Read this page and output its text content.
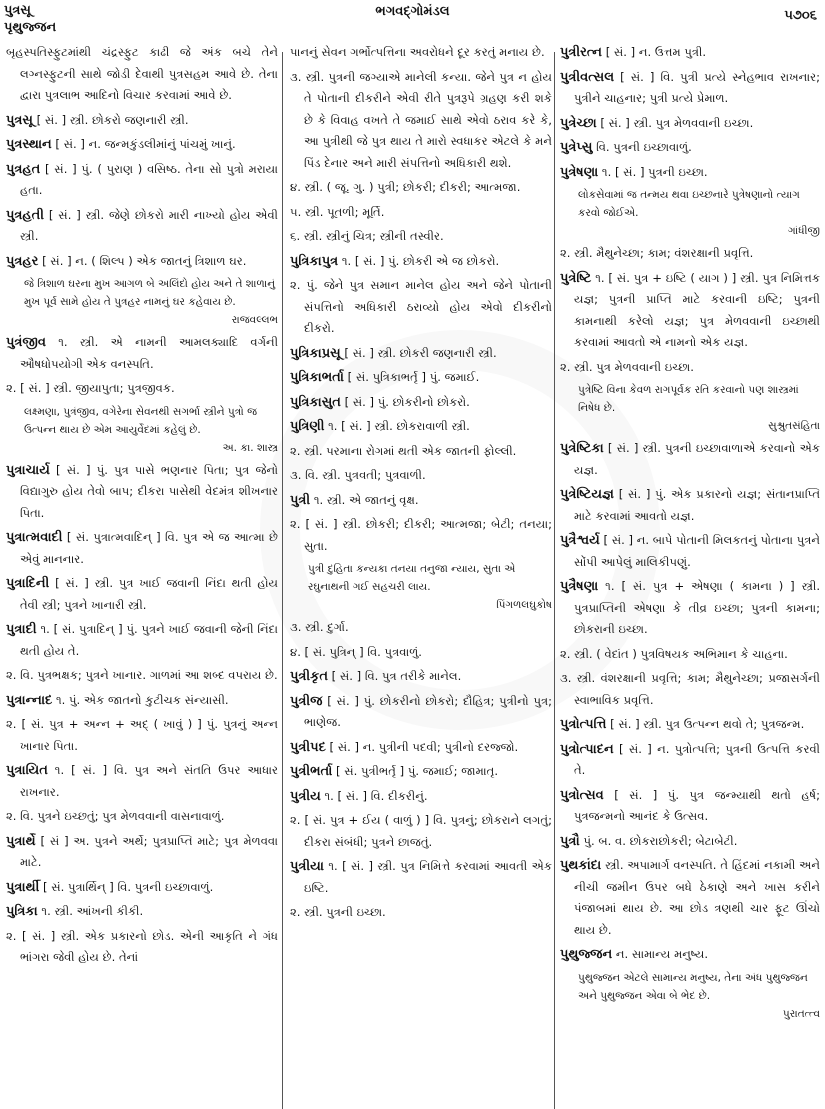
પુત્રસૂ
પૃથુજ્જન
ભગવદ્ગોમંડલ	૫૭૦૬
બૃહસ્પતિસ્ફુટમાંથી ચંદ્રસ્ફુટ કાઢી જે અંક બચે તેને લગ્નસ્ફુટની સાથે જોડી દેવાથી પુત્રસહમ આવે છે. તેના દ્વારા પુત્રલાભ આદિનો વિચાર કરવામાં આવે છે.
પુત્રસૂ [ સં. ] સ્ત્રી. છોકરો જણનારી સ્ત્રી.
પુત્રસ્થાન [ સં. ] ન. જન્મકુંડલીમાંનું પાંચમું ખાનું.
પુત્રહત [ સં. ] પું. ( પુરાણ ) વસિષ્ઠ. તેના સો પુત્રો મરાયા હતા.
પુત્રહતી [ સં. ] સ્ત્રી. જેણે છોકરો મારી નાખ્યો હોય એવી સ્ત્રી.
પુત્રહર [ સં. ] ન. ( શિલ્પ ) એક જાતનું ત્રિશાળ ઘર.
જે ત્રિશાળ ઘરના મુખ આગળ બે અલિંદો હોય અને તે શાળાનું મુખ પૂર્વ સામે હોય તે પુત્રહર નામનું ઘર કહેવાય છે.
રાજવલ્લભ
પુત્રંજીવ ૧. સ્ત્રી. એ નામની આમલક્યાદિ વર્ગની ઔષધોપયોગી એક વનસ્પતિ.
૨. [ સં. ] સ્ત્રી. જીયાપુતા; પુત્રજીવક.
લક્ષ્મણા, પુત્રંજીવ, વગેરેના સેવનથી સગર્ભા સ્ત્રીને પુત્રો જ ઉત્પન્ન થાય છે એમ આયુર્વેદમાં કહેલું છે.
અ. કા. શાસ્ત્ર
પુત્રાચાર્ય [ સં. ] પું. પુત્ર પાસે ભણનાર પિતા; પુત્ર જેનો વિદ્યાગુરુ હોય તેવો બાપ; દીકરા પાસેથી વેદમંત્ર શીખનાર પિતા.
પુત્રાત્મવાદી [ સં. પુત્રાત્મવાદિન્ ] વિ. પુત્ર એ જ આત્મા છે એવું માનનાર.
પુત્રાદિની [ સં. ] સ્ત્રી. પુત્ર ખાઈ જવાની નિંદા થતી હોય તેવી સ્ત્રી; પુત્રને ખાનારી સ્ત્રી.
પુત્રાદી ૧. [ સં. પુત્રાદિન્ ] પું. પુત્રને ખાઈ જવાની જેની નિંદા થતી હોય તે.
૨. વિ. પુત્રભક્ષક; પુત્રને ખાનાર. ગાળમાં આ શબ્દ વપરાય છે.
પુત્રાન્નાદ ૧. પું. એક જાતનો કુટીચક સંન્યાસી.
૨. [ સં. પુત્ર + અન્ન + અદ્ ( ખાવું ) ] પું. પુત્રનું અન્ન ખાનાર પિતા.
પુત્રાયિત ૧. [ સં. ] વિ. પુત્ર અને સંતતિ ઉપર આધાર રાખનાર.
૨. વિ. પુત્રને ઇચ્છતું; પુત્ર મેળવવાની વાસનાવાળું.
પુત્રાર્થે [ સં ] અ. પુત્રને અર્થે; પુત્રપ્રાપ્તિ માટે; પુત્ર મેળવવા માટે.
પુત્રાર્થી [ સં. પુત્રાર્થિન્ ] વિ. પુત્રની ઇચ્છાવાળું.
પુત્રિકા ૧. સ્ત્રી. આંખની કીકી.
૨. [ સં. ] સ્ત્રી. એક પ્રકારનો છોડ. એની આકૃતિ ને ગંધ ભાંગરા જેવી હોય છે. તેનાં
પાનનું સેવન ગર્ભોત્પત્તિના અવરોધને દૂર કરતું મનાય છે.
૩. સ્ત્રી. પુત્રની જગ્યાએ માનેલી કન્યા. જેને પુત્ર ન હોય તે પોતાની દીકરીને એવી રીતે પુત્રરૂપે ગ્રહણ કરી શકે છે કે વિવાહ વખતે તે જમાઈ સાથે એવો ઠરાવ કરે કે, આ પુત્રીથી જે પુત્ર થાય તે મારો સ્વધાકર એટલે કે મને પિંડ દેનાર અને મારી સંપત્તિનો અધિકારી થશે.
૪. સ્ત્રી. ( જૂ. ગુ. ) પુત્રી; છોકરી; દીકરી; આત્મજા.
૫. સ્ત્રી. પૂતળી; મૂર્તિ.
૬. સ્ત્રી. સ્ત્રીનું ચિત્ર; સ્ત્રીની તસ્વીર.
પુત્રિકાપુત્ર ૧. [ સં. ] પું. છોકરી એ જ છોકરો.
૨. પું. જેને પુત્ર સમાન માનેલ હોય અને જેને પોતાની સંપત્તિનો અધિકારી ઠરાવ્યો હોય એવો દીકરીનો દીકરો.
પુત્રિકાપ્રસૂ [ સં. ] સ્ત્રી. છોકરી જણનારી સ્ત્રી.
પુત્રિકાભર્તા [ સં. પુત્રિકાભર્તૃ ] પું. જમાઈ.
પુત્રિકાસુત [ સં. ] પું. છોકરીનો છોકરો.
પુત્રિણી ૧. [ સં. ] સ્ત્રી. છોકરાવાળી સ્ત્રી.
૨. સ્ત્રી. પરમાના રોગમાં થતી એક જાતની ફોલ્લી.
૩. વિ. સ્ત્રી. પુત્રવતી; પુત્રવાળી.
પુત્રી ૧. સ્ત્રી. એ જાતનું વૃક્ષ.
૨. [ સં. ] સ્ત્રી. છોકરી; દીકરી; આત્મજા; બેટી; તનયા; સુતા.
પુત્રી દુહિતા કન્યકા તનયા તનુજા ન્યાય, સુતા એ રઘુનાથની ગઈ સહચરી લાય.
પિંગળલઘુકોષ
૩. સ્ત્રી. દુર્ગા.
૪. [ સં. પુત્રિન્ ] વિ. પુત્રવાળું.
પુત્રીકૃત [ સં. ] વિ. પુત્ર તરીકે માનેલ.
પુત્રીજ [ સં. ] પું. છોકરીનો છોકરો; દૌહિત્ર; પુત્રીનો પુત્ર; ભાણેજ.
પુત્રીપદ [ સં. ] ન. પુત્રીની પદવી; પુત્રીનો દરજ્જો.
પુત્રીભર્તા [ સં. પુત્રીભર્તૃ ] પું. જમાઈ; જામાતૃ.
પુત્રીય ૧. [ સં. ] વિ. દીકરીનું.
૨. [ સં. પુત્ર + ઈય ( વાળું ) ] વિ. પુત્રનું; છોકરાને લગતું; દીકરા સંબંધી; પુત્રને છાજતું.
પુત્રીયા ૧. [ સં. ] સ્ત્રી. પુત્ર નિમિત્તે કરવામાં આવતી એક ઇષ્ટિ.
૨. સ્ત્રી. પુત્રની ઇચ્છા.
પુત્રીરત્ન [ સં. ] ન. ઉત્તમ પુત્રી.
પુત્રીવત્સલ [ સં. ] વિ. પુત્રી પ્રત્યે સ્નેહભાવ રાખનાર; પુત્રીને ચાહનાર; પુત્રી પ્રત્યે પ્રેમાળ.
પુત્રેચ્છા [ સં. ] સ્ત્રી. પુત્ર મેળવવાની ઇચ્છા.
પુત્રેપ્સુ વિ. પુત્રની ઇચ્છાવાળું.
પુત્રેષણા ૧. [ સં. ] પુત્રની ઇચ્છા.
લોકસેવામાં જ તન્મય થવા ઇચ્છનારે પુત્રેષણાનો ત્યાગ કરવો જોઈએ.
ગાંધીજી
૨. સ્ત્રી. મૈથુનેચ્છા; કામ; વંશરક્ષાની પ્રવૃત્તિ.
પુત્રેષ્ટિ ૧. [ સં. પુત્ર + ઇષ્ટિ ( યાગ ) ] સ્ત્રી. પુત્ર નિમિત્તક યજ્ઞ; પુત્રની પ્રાપ્તિ માટે કરવાની ઇષ્ટિ; પુત્રની કામનાથી કરેલો યજ્ઞ; પુત્ર મેળવવાની ઇચ્છાથી કરવામાં આવતો એ નામનો એક યજ્ઞ.
૨. સ્ત્રી. પુત્ર મેળવવાની ઇચ્છા.
પુત્રેષ્ટિ વિના કેવળ રાગપૂર્વક રતિ કરવાનો પણ શાસ્ત્રમાં નિષેધ છે.
સુશ્રુતસંહિતા
પુત્રેષ્ટિકા [ સં. ] સ્ત્રી. પુત્રની ઇચ્છાવાળાએ કરવાનો એક યજ્ઞ.
પુત્રેષ્ટિયજ્ઞ [ સં. ] પું. એક પ્રકારનો યજ્ઞ; સંતાનપ્રાપ્તિ માટે કરવામાં આવતો યજ્ઞ.
પુત્રૈશ્વર્ય [ સં. ] ન. બાપે પોતાની મિલકતનું પોતાના પુત્રને સોંપી આપેલું માલિકીપણું.
પુત્રૈષણા ૧. [ સં. પુત્ર + એષણા ( કામના ) ] સ્ત્રી. પુત્રપ્રાપ્તિની એષણા કે તીવ્ર ઇચ્છા; પુત્રની કામના; છોકરાની ઇચ્છા.
૨. સ્ત્રી. ( વેદાંત ) પુત્રવિષયક અભિમાન કે ચાહના.
૩. સ્ત્રી. વંશરક્ષાની પ્રવૃત્તિ; કામ; મૈથુનેચ્છા; પ્રજાસર્ગની સ્વાભાવિક પ્રવૃત્તિ.
પુત્રોત્પત્તિ [ સં. ] સ્ત્રી. પુત્ર ઉત્પન્ન થવો તે; પુત્રજન્મ.
પુત્રોત્પાદન [ સં. ] ન. પુત્રોત્પત્તિ; પુત્રની ઉત્પત્તિ કરવી તે.
પુત્રોત્સવ [ સં. ] પું. પુત્ર જન્મ્યાથી થતો હર્ષ; પુત્રજન્મનો આનંદ કે ઉત્સવ.
પુત્રૌ પું. બ. વ. છોકરાછોકરી; બેટાબેટી.
પુથકાંદા સ્ત્રી. અપામાર્ગ વનસ્પતિ. તે હિંદમાં નકામી અને નીચી જમીન ઉપર બધે ઠેકાણે અને ખાસ કરીને પંજાબમાં થાય છે. આ છોડ ત્રણથી ચાર ફૂટ ઊંચો થાય છે.
પુથુજ્જન ન. સામાન્ય મનુષ્ય.
પુથુજ્જન એટલે સામાન્ય મનુષ્ય, તેના અંધ પુથુજ્જન અને પુથુજ્જન એવા બે ભેદ છે.
પુરાતત્ત્વ
